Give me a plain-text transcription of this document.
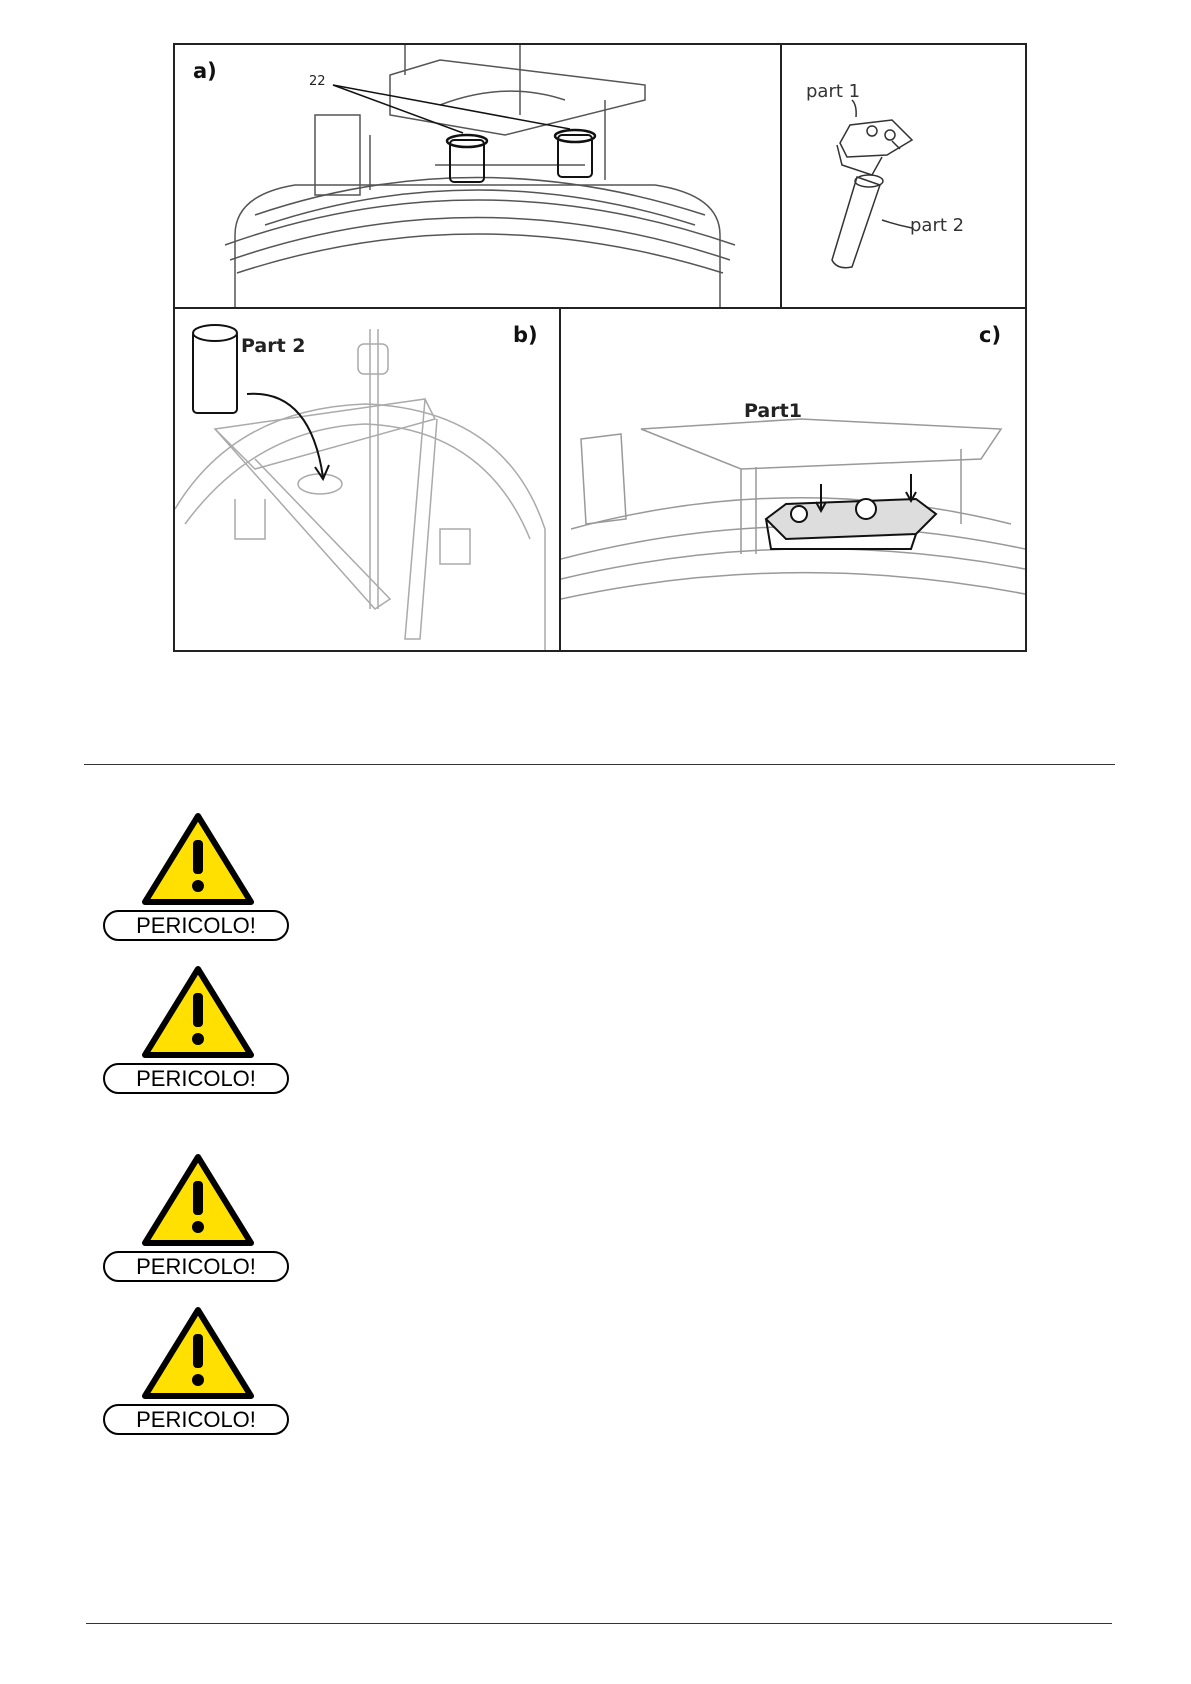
a)	22	part 1
part 2
b)
Part 2	c)
Part1
PERICOLO!
PERICOLO!
PERICOLO!
PERICOLO!
